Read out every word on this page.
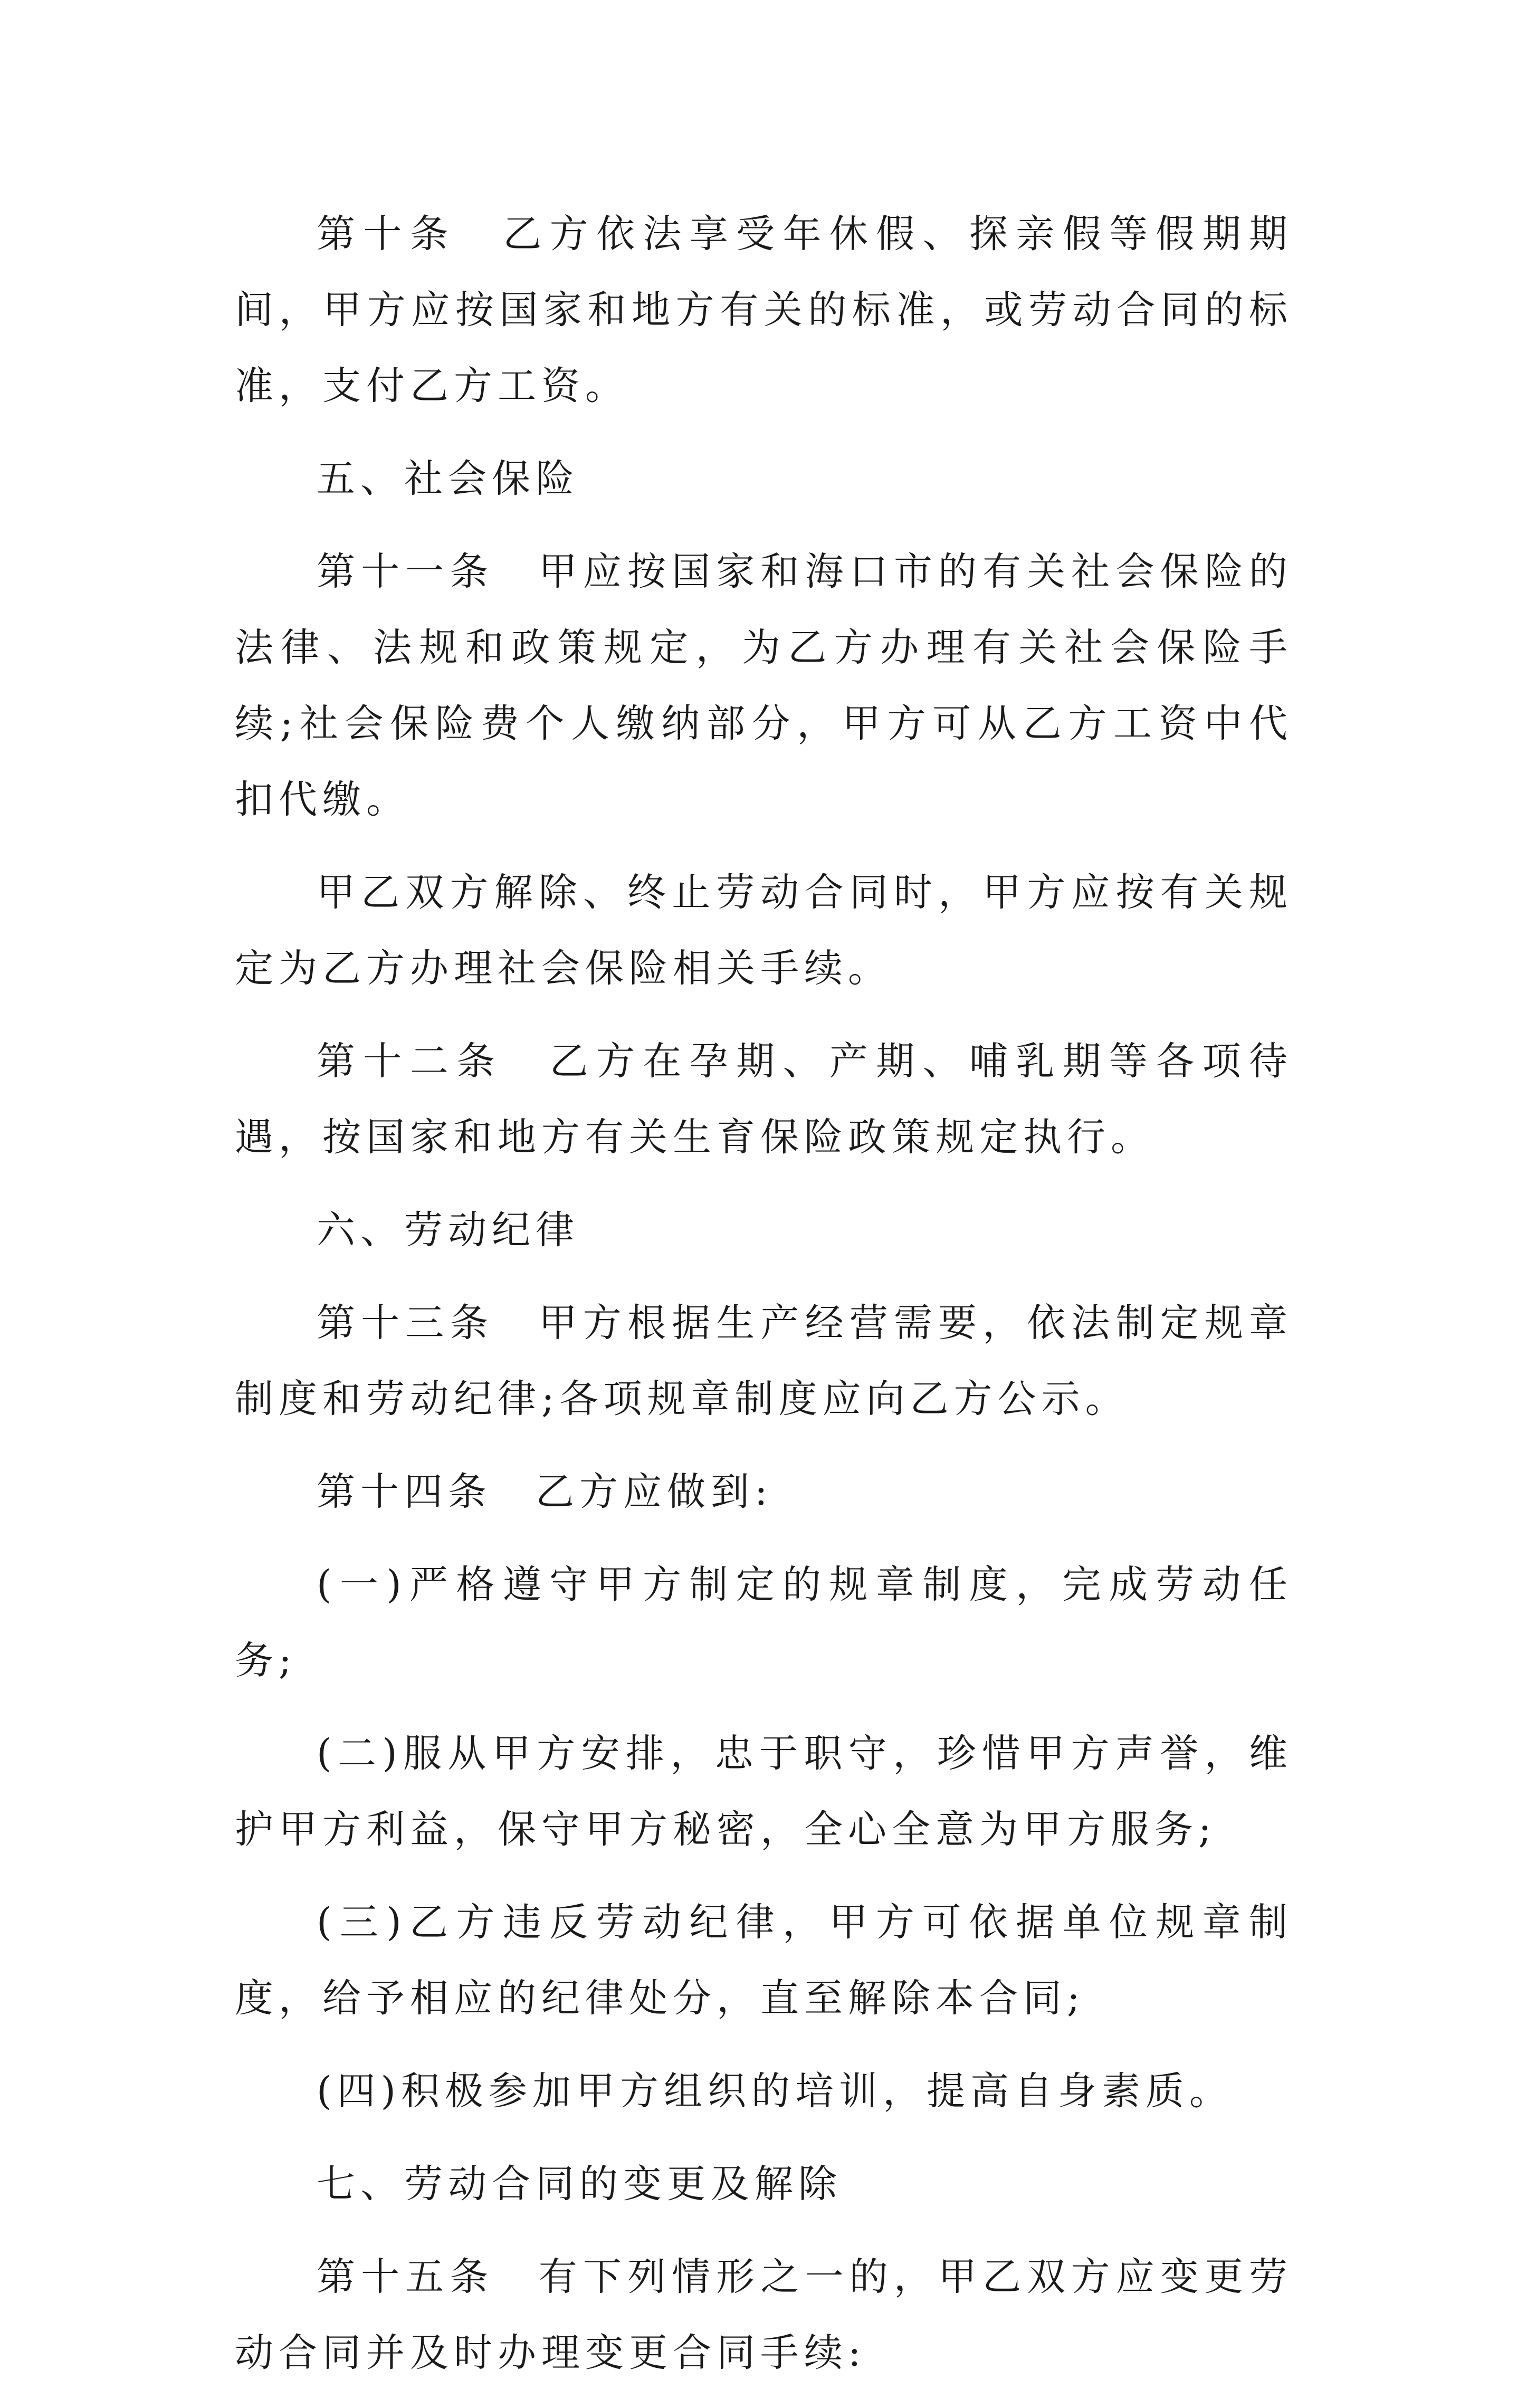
第十条　乙方依法享受年休假、探亲假等假期期间，甲方应按国家和地方有关的标准，或劳动合同的标准，支付乙方工资。

五、社会保险

第十一条　甲应按国家和海口市的有关社会保险的法律、法规和政策规定，为乙方办理有关社会保险手续;社会保险费个人缴纳部分，甲方可从乙方工资中代扣代缴。

甲乙双方解除、终止劳动合同时，甲方应按有关规定为乙方办理社会保险相关手续。

第十二条　乙方在孕期、产期、哺乳期等各项待遇，按国家和地方有关生育保险政策规定执行。

六、劳动纪律

第十三条　甲方根据生产经营需要，依法制定规章制度和劳动纪律;各项规章制度应向乙方公示。

第十四条　乙方应做到:

(一)严格遵守甲方制定的规章制度，完成劳动任务;

(二)服从甲方安排，忠于职守，珍惜甲方声誉，维护甲方利益，保守甲方秘密，全心全意为甲方服务;

(三)乙方违反劳动纪律，甲方可依据单位规章制度，给予相应的纪律处分，直至解除本合同;

(四)积极参加甲方组织的培训，提高自身素质。

七、劳动合同的变更及解除

第十五条　有下列情形之一的，甲乙双方应变更劳动合同并及时办理变更合同手续:
